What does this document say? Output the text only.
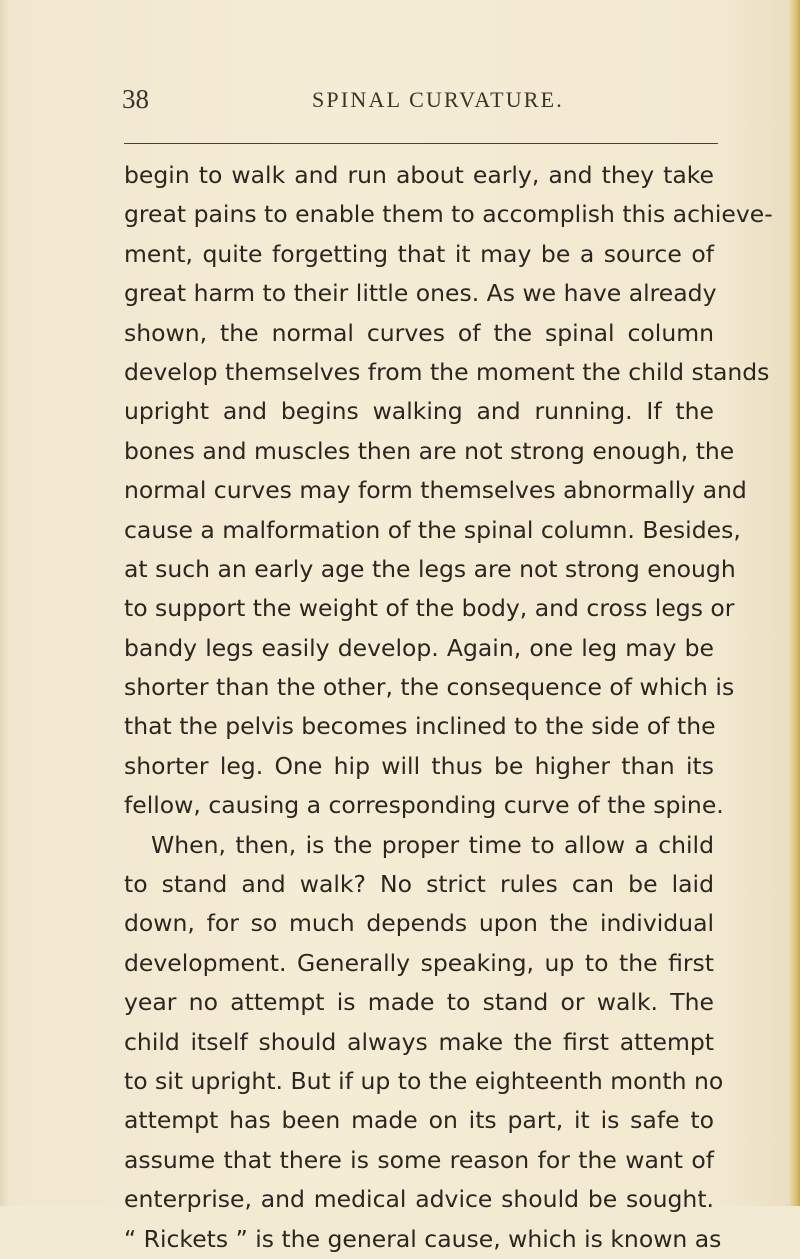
38	SPINAL CURVATURE.
begin to walk and run about early, and they take
great pains to enable them to accomplish this achieve-
ment, quite forgetting that it may be a source of
great harm to their little ones. As we have already
shown, the normal curves of the spinal column
develop themselves from the moment the child stands
upright and begins walking and running. If the
bones and muscles then are not strong enough, the
normal curves may form themselves abnormally and
cause a malformation of the spinal column. Besides,
at such an early age the legs are not strong enough
to support the weight of the body, and cross legs or
bandy legs easily develop. Again, one leg may be
shorter than the other, the consequence of which is
that the pelvis becomes inclined to the side of the
shorter leg. One hip will thus be higher than its
fellow, causing a corresponding curve of the spine.
When, then, is the proper time to allow a child
to stand and walk? No strict rules can be laid
down, for so much depends upon the individual
development. Generally speaking, up to the first
year no attempt is made to stand or walk. The
child itself should always make the first attempt
to sit upright. But if up to the eighteenth month no
attempt has been made on its part, it is safe to
assume that there is some reason for the want of
enterprise, and medical advice should be sought.
“ Rickets ” is the general cause, which is known as
